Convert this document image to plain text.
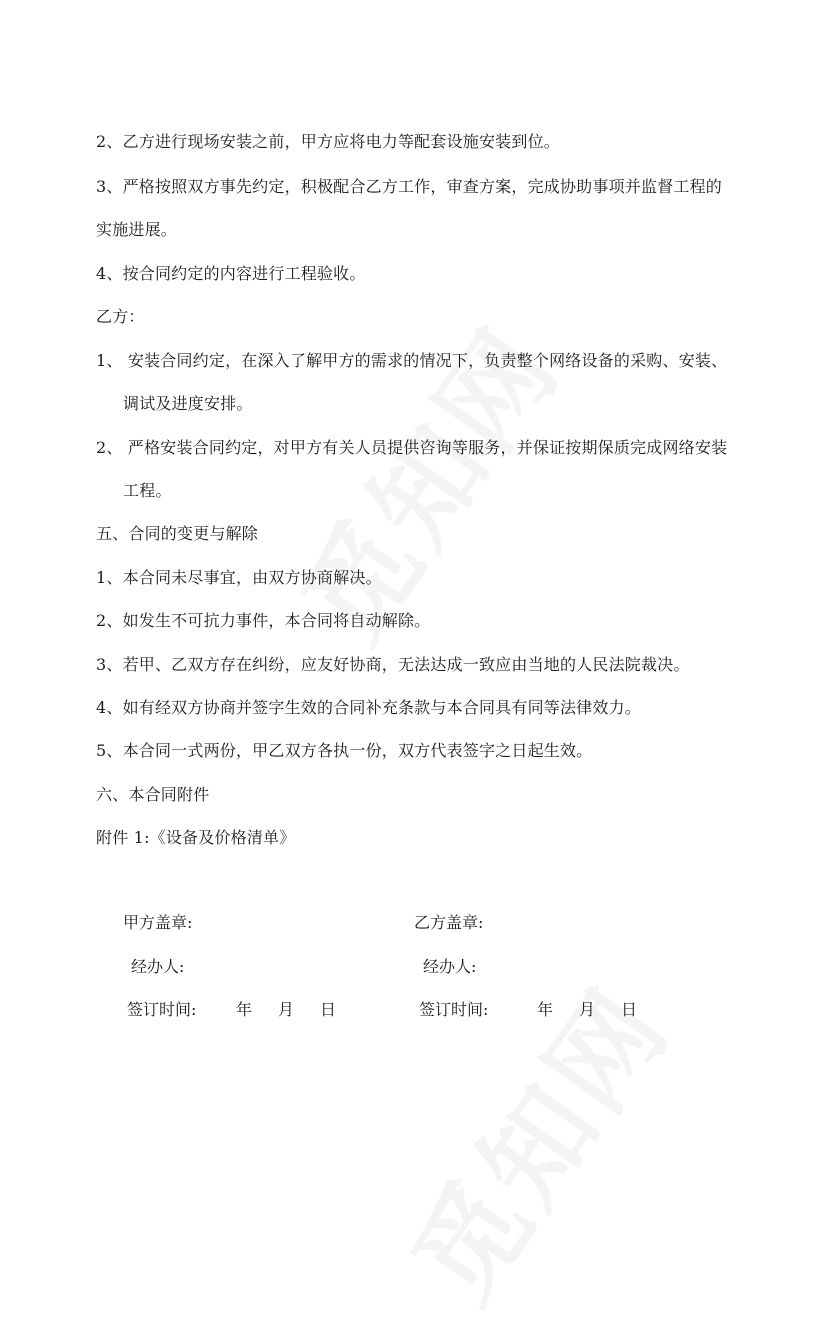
2、乙方进行现场安装之前，甲方应将电力等配套设施安装到位。
3、严格按照双方事先约定，积极配合乙方工作，审查方案，完成协助事项并监督工程的
实施进展。
4、按合同约定的内容进行工程验收。
乙方：
1、 安装合同约定，在深入了解甲方的需求的情况下，负责整个网络设备的采购、安装、
调试及进度安排。
2、 严格安装合同约定，对甲方有关人员提供咨询等服务，并保证按期保质完成网络安装
工程。
五、合同的变更与解除
1、本合同未尽事宜，由双方协商解决。
2、如发生不可抗力事件，本合同将自动解除。
3、若甲、乙双方存在纠纷，应友好协商，无法达成一致应由当地的人民法院裁决。
4、如有经双方协商并签字生效的合同补充条款与本合同具有同等法律效力。
5、本合同一式两份，甲乙双方各执一份，双方代表签字之日起生效。
六、本合同附件
附件 1:《设备及价格清单》
甲方盖章:	乙方盖章:
经办人:	经办人:
签订时间: 年 月 日	签订时间:	年 月 日
